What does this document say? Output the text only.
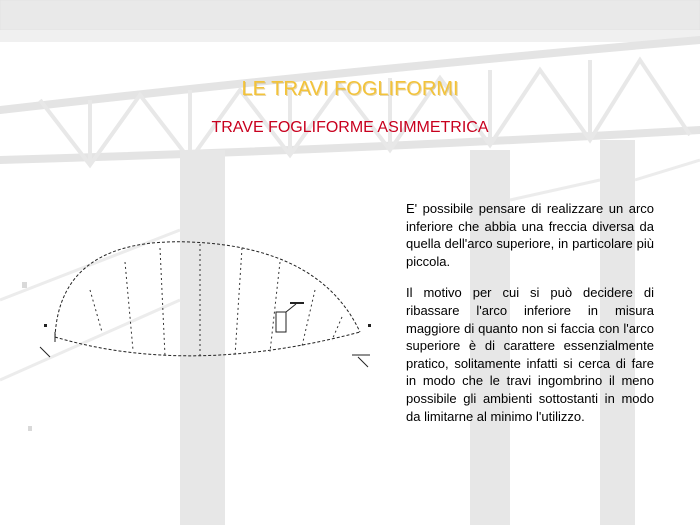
LE TRAVI FOGLIFORMI
TRAVE FOGLIFORME ASIMMETRICA

E' possibile pensare di realizzare un arco inferiore che abbia una freccia diversa da quella dell'arco superiore, in particolare più piccola.

Il motivo per cui si può decidere di ribassare l'arco inferiore in misura maggiore di quanto non si faccia con l'arco superiore è di carattere essenzialmente pratico, solitamente infatti si cerca di fare in modo che le travi ingombrino il meno possibile gli ambienti sottostanti in modo da limitarne al minimo l'utilizzo.
